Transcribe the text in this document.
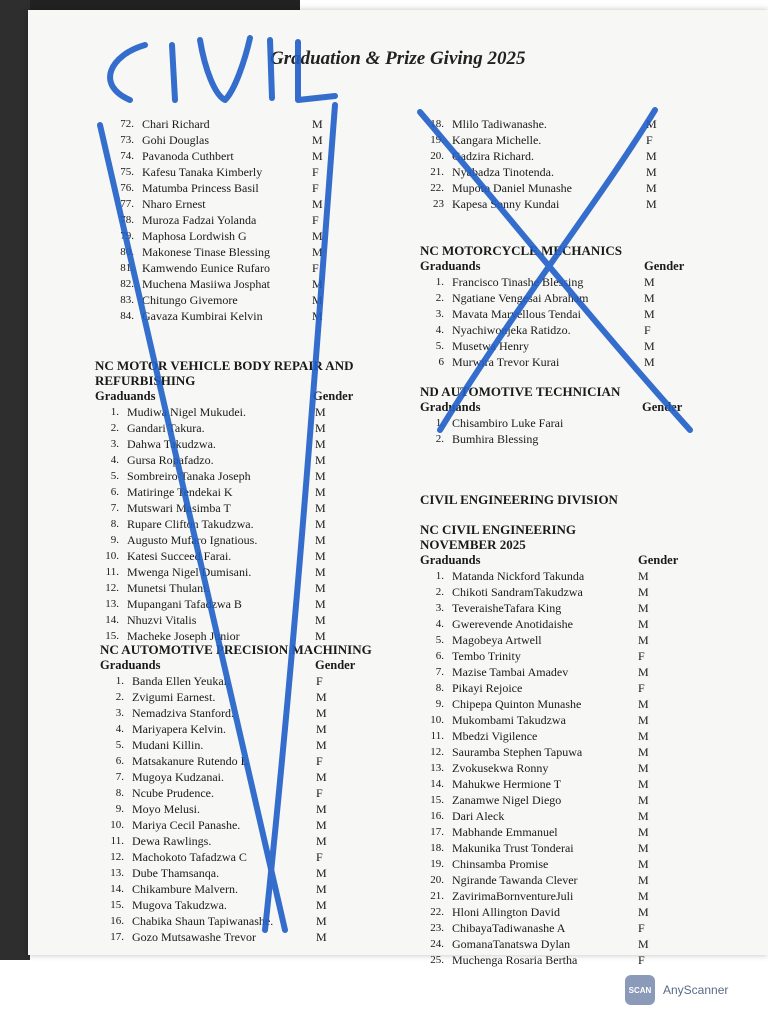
Graduation & Prize Giving 2025
72. Chari Richard	M
73. Gohi Douglas	M
74. Pavanoda Cuthbert	M
75. Kafesu Tanaka Kimberly	F
76. Matumba Princess Basil	F
77. Nharo Ernest	M
78. Muroza Fadzai Yolanda	F
79. Maphosa Lordwish G	M
80. Makonese Tinase Blessing	M
81. Kamwendo Eunice Rufaro	F
82. Muchena Masiiwa Josphat	M
83. Chitungo Givemore	M
84. Gavaza Kumbirai Kelvin	M
NC MOTOR VEHICLE BODY REPAIR AND REFURBISHING
Graduands	Gender
1. Mudiwa Nigel Mukudei.	M
2. Gandari Takura.	M
3. Dahwa Takudzwa.	M
4. Gursa Ropafadzo.	M
5. Sombreiro Tanaka Joseph	M
6. Matiringe Tendekai K	M
7. Mutswari Masimba T	M
8. Rupare Clifton Takudzwa.	M
9. Augusto Mufaro Ignatious.	M
10. Katesi Succeed Farai.	M
11. Mwenga Nigel Dumisani.	M
12. Munetsi Thulani.	M
13. Mupangani Tafadzwa B	M
14. Nhuzvi Vitalis	M
15. Macheke Joseph Junior	M
NC AUTOMOTIVE PRECISION MACHINING
Graduands	Gender
1. Banda Ellen Yeukai.	F
2. Zvigumi Earnest.	M
3. Nemadziva Stanford.	M
4. Mariyapera Kelvin.	M
5. Mudani Killin.	M
6. Matsakanure Rutendo L	F
7. Mugoya Kudzanai.	M
8. Ncube Prudence.	F
9. Moyo Melusi.	M
10. Mariya Cecil Panashe.	M
11. Dewa Rawlings.	M
12. Machokoto Tafadzwa C	F
13. Dube Thamsanqa.	M
14. Chikambure Malvern.	M
15. Mugova Takudzwa.	M
16. Chabika Shaun Tapiwanashe.	M
17. Gozo Mutsawashe Trevor	M
18. Mlilo Tadiwanashe.	M
19. Kangara Michelle.	F
20. Gadzira Richard.	M
21. Nyabadza Tinotenda.	M
22. Mupoto Daniel Munashe	M
23 Kapesa Sonny Kundai	M
NC MOTORCYCLE MECHANICS
Graduands	Gender
1. Francisco Tinashe Blessing	M
2. Ngatiane Vengesai Abraham	M
3. Mavata Marvellous Tendai	M
4. Nyachiwonjeka Ratidzo.	F
5. Musetwa Henry	M
6 Murwira Trevor Kurai	M
ND AUTOMOTIVE TECHNICIAN
Graduands	Gender
1. Chisambiro Luke Farai
2. Bumhira Blessing
CIVIL ENGINEERING DIVISION
NC CIVIL ENGINEERING NOVEMBER 2025
Graduands	Gender
1. Matanda Nickford Takunda	M
2. Chikoti SandramTakudzwa	M
3. TeveraisheTafara King	M
4. Gwerevende Anotidaishe	M
5. Magobeya Artwell	M
6. Tembo Trinity	F
7. Mazise Tambai Amadev	M
8. Pikayi Rejoice	F
9. Chipepa Quinton Munashe	M
10. Mukombami Takudzwa	M
11. Mbedzi Vigilence	M
12. Sauramba Stephen Tapuwa	M
13. Zvokusekwa Ronny	M
14. Mahukwe Hermione T	M
15. Zanamwe Nigel Diego	M
16. Dari Aleck	M
17. Mabhande Emmanuel	M
18. Makunika Trust Tonderai	M
19. Chinsamba Promise	M
20. Ngirande Tawanda Clever	M
21. ZavirimaBornventureJuli	M
22. Hloni Allington David	M
23. ChibayaTadiwanashe A	F
24. GomanaTanatswa Dylan	M
25. Muchenga Rosaria Bertha	F
SCAN AnyScanner
